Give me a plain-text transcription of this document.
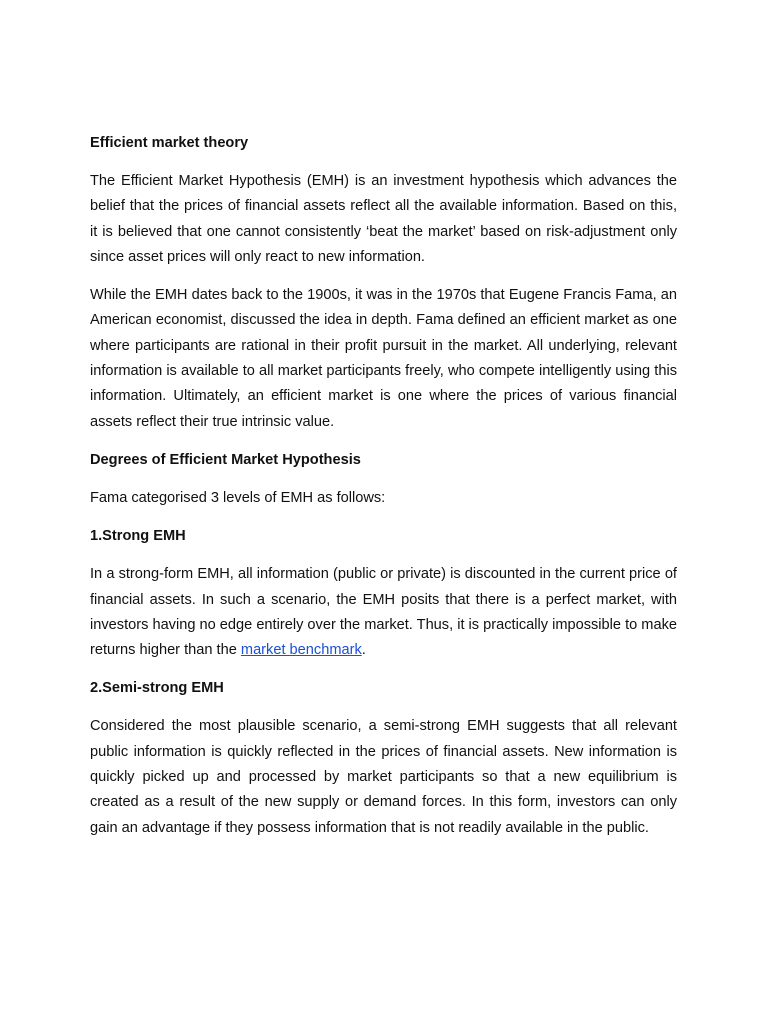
Efficient market theory

The Efficient Market Hypothesis (EMH) is an investment hypothesis which advances the belief that the prices of financial assets reflect all the available information. Based on this, it is believed that one cannot consistently ‘beat the market’ based on risk-adjustment only since asset prices will only react to new information.

While the EMH dates back to the 1900s, it was in the 1970s that Eugene Francis Fama, an American economist, discussed the idea in depth. Fama defined an efficient market as one where participants are rational in their profit pursuit in the market. All underlying, relevant information is available to all market participants freely, who compete intelligently using this information. Ultimately, an efficient market is one where the prices of various financial assets reflect their true intrinsic value.

Degrees of Efficient Market Hypothesis

Fama categorised 3 levels of EMH as follows:

1.Strong EMH

In a strong-form EMH, all information (public or private) is discounted in the current price of financial assets. In such a scenario, the EMH posits that there is a perfect market, with investors having no edge entirely over the market. Thus, it is practically impossible to make returns higher than the market benchmark.

2.Semi-strong EMH

Considered the most plausible scenario, a semi-strong EMH suggests that all relevant public information is quickly reflected in the prices of financial assets. New information is quickly picked up and processed by market participants so that a new equilibrium is created as a result of the new supply or demand forces. In this form, investors can only gain an advantage if they possess information that is not readily available in the public.
